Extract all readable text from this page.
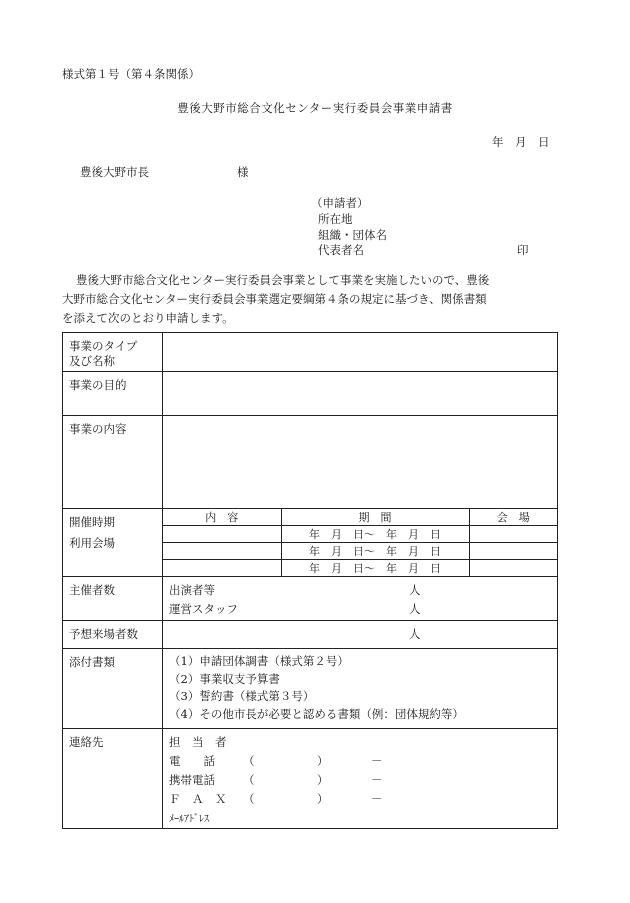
様式第１号（第４条関係）
豊後大野市総合文化センター実行委員会事業申請書
年　月　日
豊後大野市長	様
（申請者）
所在地
組織・団体名
代表者名	印
豊後大野市総合文化センター実行委員会事業として事業を実施したいので、豊後
大野市総合文化センター実行委員会事業選定要綱第４条の規定に基づき、関係書類
を添えて次のとおり申請します。
事業のタイプ
及び名称

事業の目的	
事業の内容	

開催時期
利用会場

内　容	期　間	会　場
	年　月　日～　年　月　日	
	年　月　日～　年　月　日	
	年　月　日～　年　月　日	

主催者数	出演者等	人
運営スタッフ	人

予想来場者数	人

添付書類	（1）申請団体調書（様式第２号）
（2）事業収支予算書
（3）誓約書（様式第３号）
（4）その他市長が必要と認める書類（例：団体規約等）

連絡先	担　当　者
電　　話 （	）	－
携帯電話 （	）	－
Ｆ　Ａ　Ｘ （	）	－
ﾒｰﾙｱﾄﾞﾚｽ
